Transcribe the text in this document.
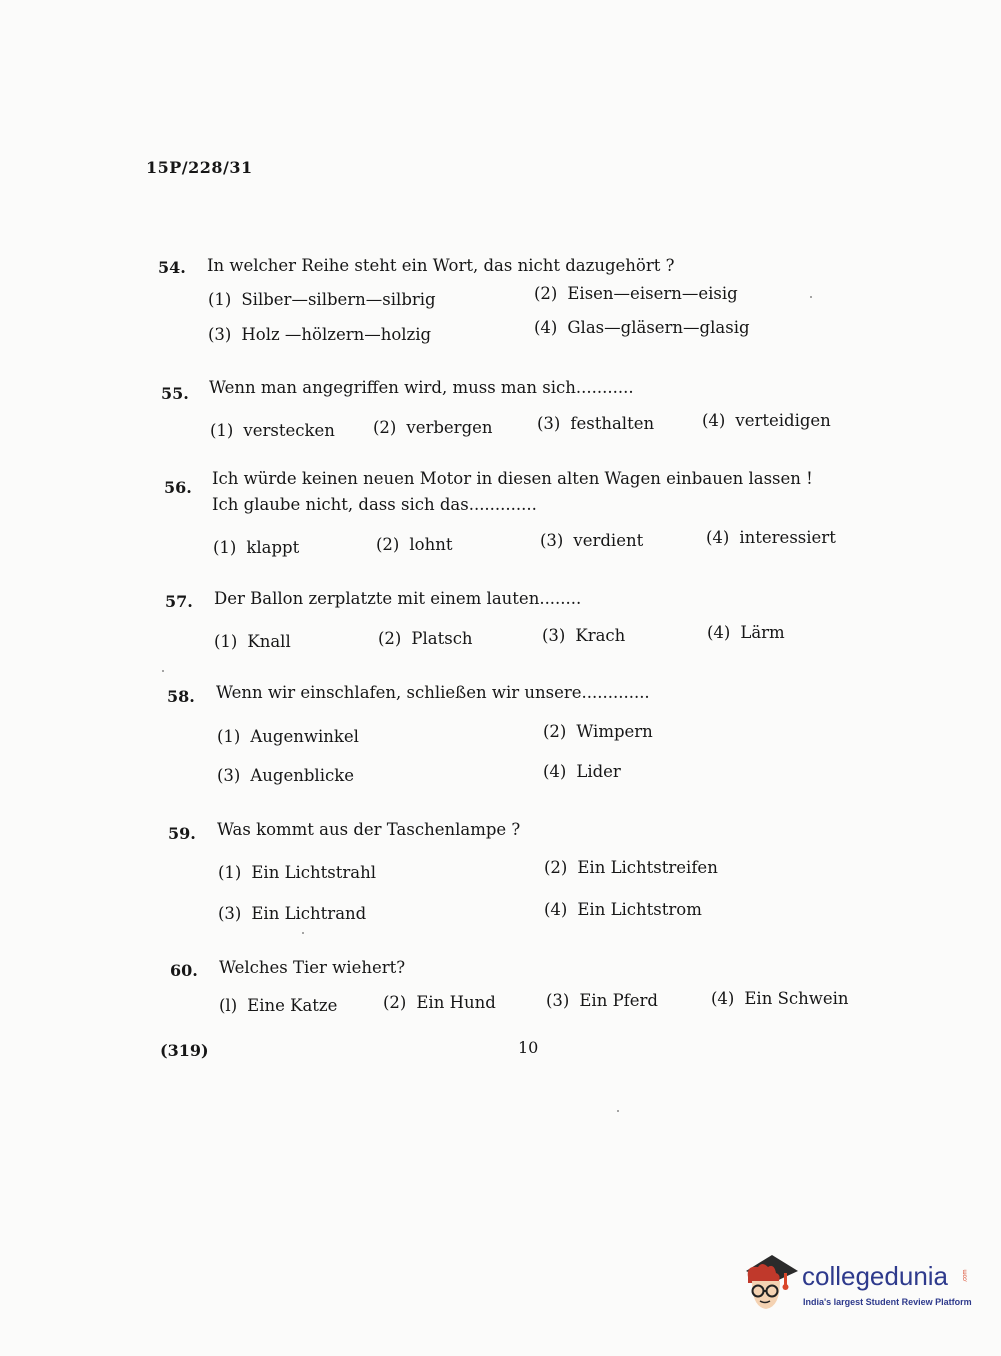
15P/228/31
54. In welcher Reihe steht ein Wort, das nicht dazugehört ?
(1) Silber—silbern—silbrig	(2) Eisen—eisern—eisig
(3) Holz —hölzern—holzig	(4) Glas—gläsern—glasig
55. Wenn man angegriffen wird, muss man sich...........
(1) verstecken (2) verbergen	(3) festhalten	(4) verteidigen
56. Ich würde keinen neuen Motor in diesen alten Wagen einbauen lassen !
Ich glaube nicht, dass sich das.............
(1) klappt	(2) lohnt	(3) verdient	(4) interessiert
57. Der Ballon zerplatzte mit einem lauten........
(1) Knall	(2) Platsch	(3) Krach	(4) Lärm
58. Wenn wir einschlafen, schließen wir unsere.............
(1) Augenwinkel	(2) Wimpern
(3) Augenblicke	(4) Lider
59. Was kommt aus der Taschenlampe ?
(1) Ein Lichtstrahl	(2) Ein Lichtstreifen
(3) Ein Lichtrand	(4) Ein Lichtstrom
60. Welches Tier wiehert?
(l) Eine Katze	(2) Ein Hund	(3) Ein Pferd	(4) Ein Schwein
(319)	10
collegedunia .com
India's largest Student Review Platform
